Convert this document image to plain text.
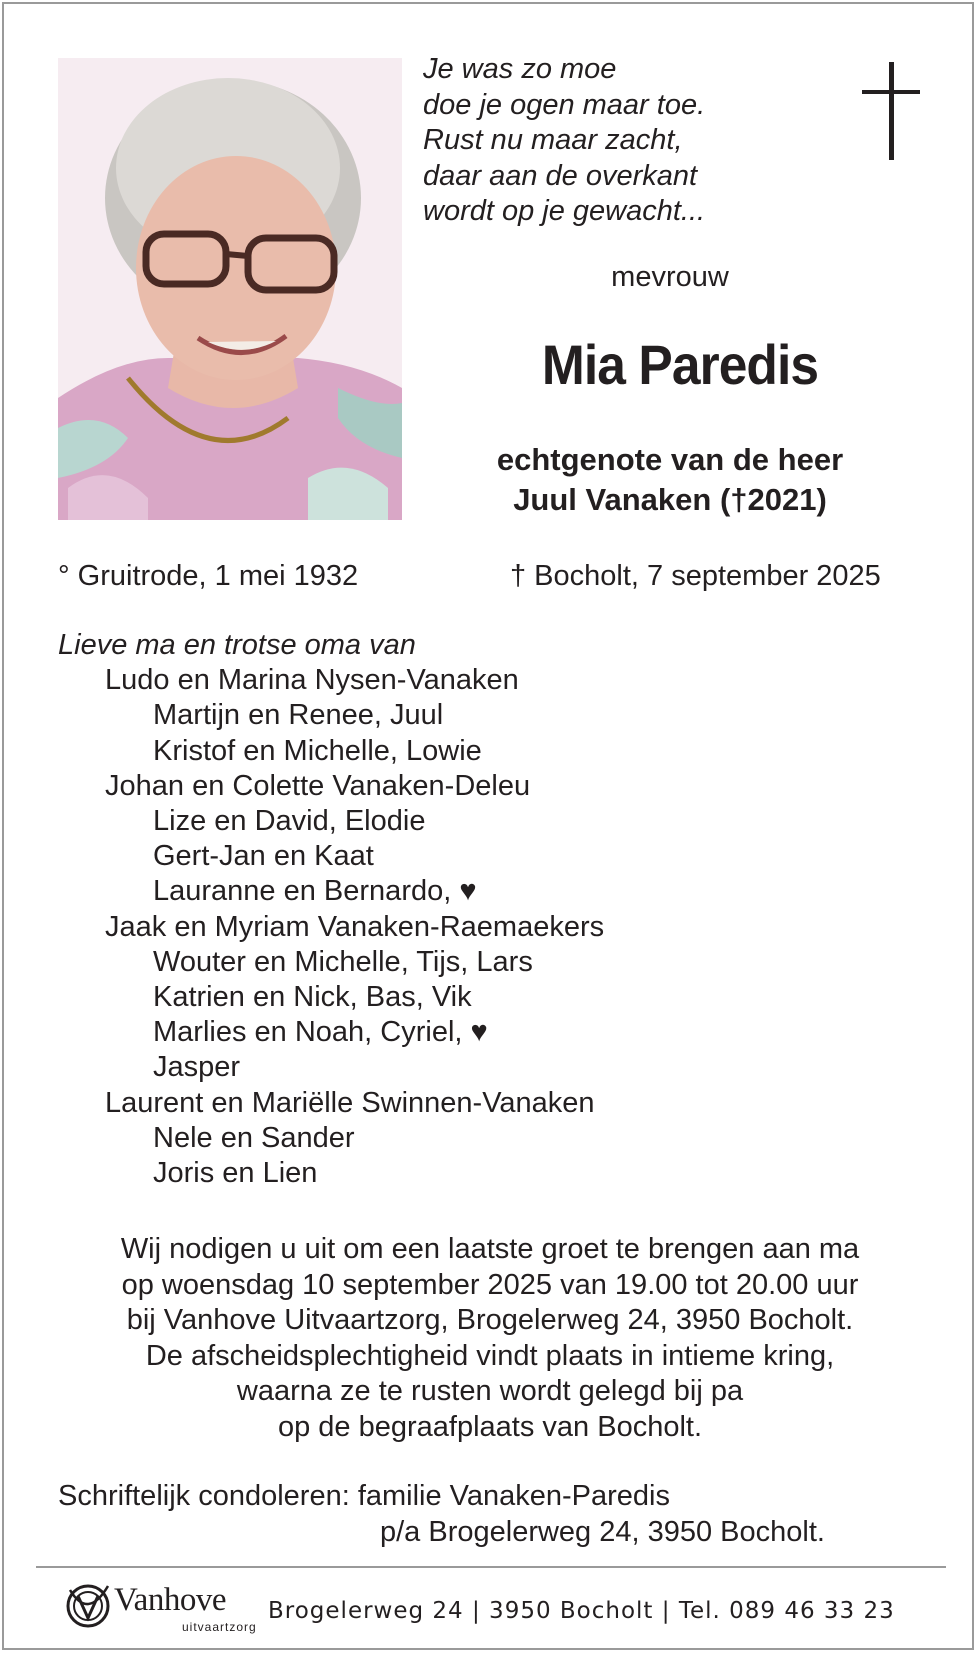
Je was zo moe
doe je ogen maar toe.
Rust nu maar zacht,
daar aan de overkant
wordt op je gewacht...
mevrouw
Mia Paredis
echtgenote van de heer
Juul Vanaken (†2021)
° Gruitrode, 1 mei 1932	† Bocholt, 7 september 2025
Lieve ma en trotse oma van
Ludo en Marina Nysen-Vanaken
Martijn en Renee, Juul
Kristof en Michelle, Lowie
Johan en Colette Vanaken-Deleu
Lize en David, Elodie
Gert-Jan en Kaat
Lauranne en Bernardo, ♥
Jaak en Myriam Vanaken-Raemaekers
Wouter en Michelle, Tijs, Lars
Katrien en Nick, Bas, Vik
Marlies en Noah, Cyriel, ♥
Jasper
Laurent en Mariëlle Swinnen-Vanaken
Nele en Sander
Joris en Lien
Wij nodigen u uit om een laatste groet te brengen aan ma
op woensdag 10 september 2025 van 19.00 tot 20.00 uur
bij Vanhove Uitvaartzorg, Brogelerweg 24, 3950 Bocholt.
De afscheidsplechtigheid vindt plaats in intieme kring,
waarna ze te rusten wordt gelegd bij pa
op de begraafplaats van Bocholt.
Schriftelijk condoleren: familie Vanaken-Paredis
p/a Brogelerweg 24, 3950 Bocholt.
Vanhove
uitvaartzorg
Brogelerweg 24 | 3950 Bocholt | Tel. 089 46 33 23
